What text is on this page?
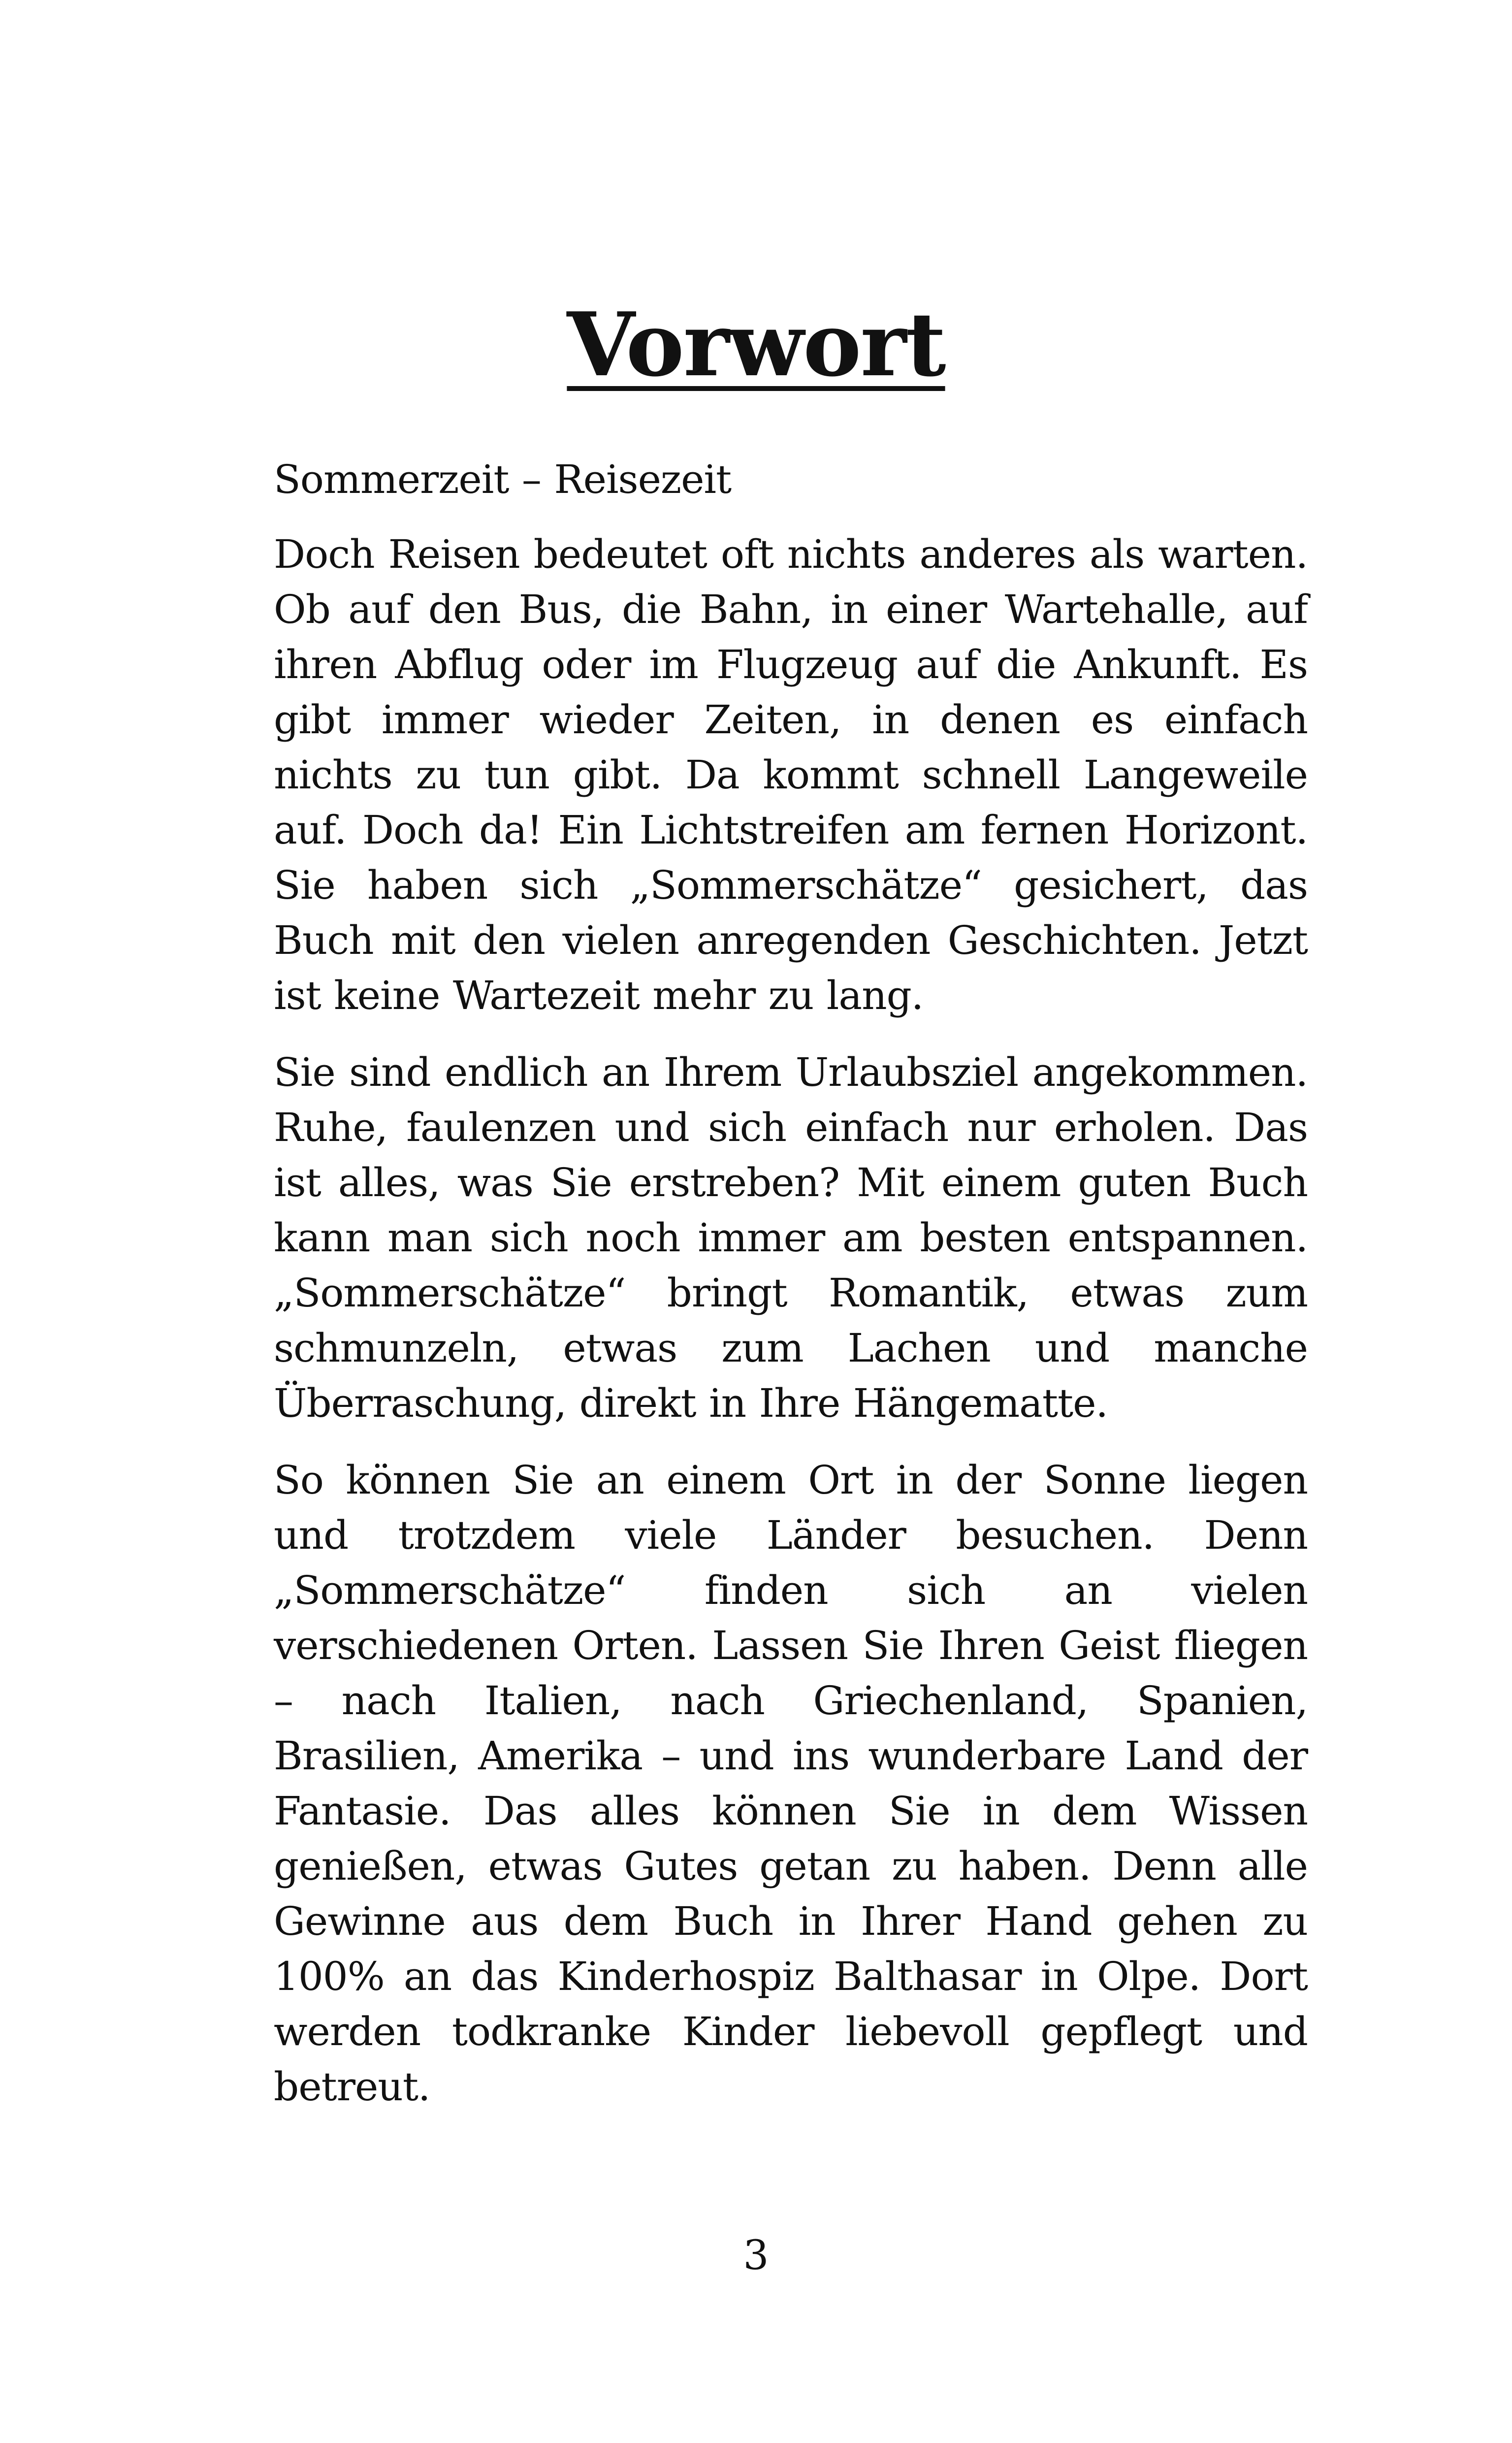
Vorwort

Sommerzeit – Reisezeit

Doch Reisen bedeutet oft nichts anderes als warten. Ob auf den Bus, die Bahn, in einer Wartehalle, auf ihren Abflug oder im Flugzeug auf die Ankunft. Es gibt immer wieder Zeiten, in denen es einfach nichts zu tun gibt. Da kommt schnell Langeweile auf. Doch da! Ein Lichtstreifen am fernen Horizont. Sie haben sich „Sommerschätze“ gesichert, das Buch mit den vielen anregenden Geschichten. Jetzt ist keine Wartezeit mehr zu lang.

Sie sind endlich an Ihrem Urlaubsziel angekommen. Ruhe, faulenzen und sich einfach nur erholen. Das ist alles, was Sie erstreben? Mit einem guten Buch kann man sich noch immer am besten entspannen. „Sommerschätze“ bringt Romantik, etwas zum schmunzeln, etwas zum Lachen und manche Überraschung, direkt in Ihre Hängematte.

So können Sie an einem Ort in der Sonne liegen und trotzdem viele Länder besuchen. Denn „Sommerschätze“ finden sich an vielen verschiedenen Orten. Lassen Sie Ihren Geist fliegen – nach Italien, nach Griechenland, Spanien, Brasilien, Amerika – und ins wunderbare Land der Fantasie. Das alles können Sie in dem Wissen genießen, etwas Gutes getan zu haben. Denn alle Gewinne aus dem Buch in Ihrer Hand gehen zu 100% an das Kinderhospiz Balthasar in Olpe. Dort werden todkranke Kinder liebevoll gepflegt und betreut.

3
